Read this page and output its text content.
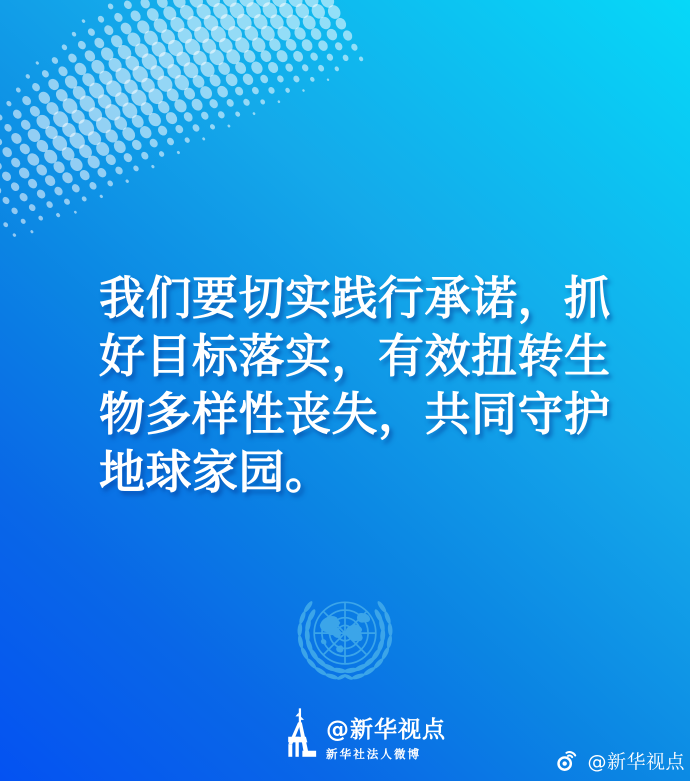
我们要切实践行承诺，抓
好目标落实，有效扭转生
物多样性丧失，共同守护
地球家园。
@新华视点
新华社法人微博	@新华视点
